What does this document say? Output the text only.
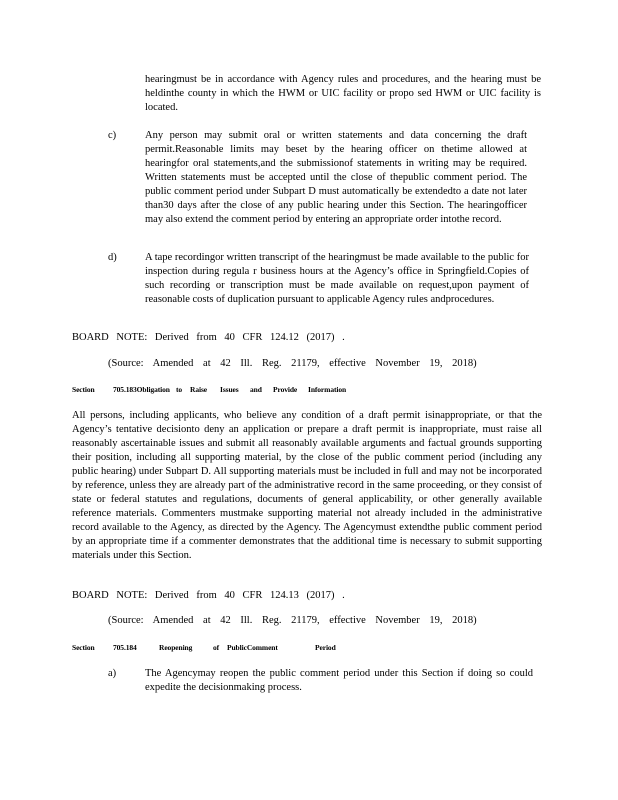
hearingmust be in accordance with Agency rules and procedures, and the hearing must be heldinthe county in which the HWM or UIC facility or propo sed HWM or UIC facility is located.

c)	Any person may submit oral or written statements and data concerning the draft permit.Reasonable limits may beset by the hearing officer on thetime allowed at hearingfor oral statements,and the submissionof statements in writing may be required. Written statements must be accepted until the close of thepublic comment period. The public comment period under Subpart D must automatically be extendedto a date not later than30 days after the close of any public hearing under this Section. The hearingofficer may also extend the comment period by entering an appropriate order intothe record.

d)	A tape recordingor written transcript of the hearingmust be made available to the public for inspection during regula r business hours at the Agency’s office in Springfield.Copies of such recording or transcription must be made available on request,upon payment of reasonable costs of duplication pursuant to applicable Agency rules andprocedures.

BOARD NOTE: Derived from 40 CFR 124.12 (2017) .

(Source: Amended at 42 Ill. Reg. 21179, effective November 19, 2018)

Section 705.183Obligation to Raise Issues and Provide Information

All persons, including applicants, who believe any condition of a draft permit isinappropriate, or that the Agency’s tentative decisionto deny an application or prepare a draft permit is inappropriate, must raise all reasonably ascertainable issues and submit all reasonably available arguments and factual grounds supporting their position, including all supporting material, by the close of the public comment period (including any public hearing) under Subpart D. All supporting materials must be included in full and may not be incorporated by reference, unless they are already part of the administrative record in the same proceeding, or they consist of state or federal statutes and regulations, documents of general applicability, or other generally available reference materials. Commenters mustmake supporting material not already included in the administrative record available to the Agency, as directed by the Agency. The Agencymust extendthe public comment period by an appropriate time if a commenter demonstrates that the additional time is necessary to submit supporting materials under this Section.

BOARD NOTE: Derived from 40 CFR 124.13 (2017) .

(Source: Amended at 42 Ill. Reg. 21179, effective November 19, 2018)

Section 705.184	Reopening	of PublicComment	Period
a)	The Agencymay reopen the public comment period under this Section if doing so could expedite the decisionmaking process.
